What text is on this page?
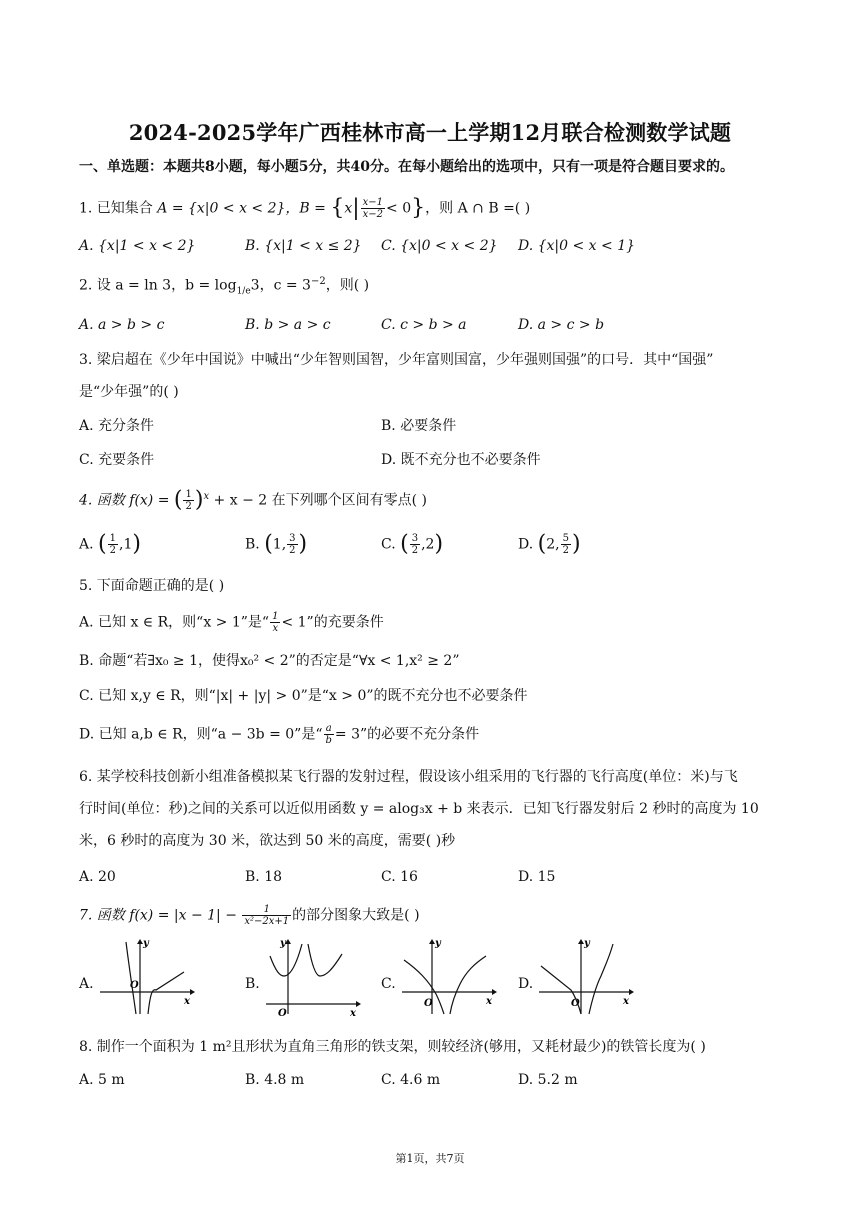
2024-2025学年广西桂林市高一上学期12月联合检测数学试题
一、单选题：本题共8小题，每小题5分，共40分。在每小题给出的选项中，只有一项是符合题目要求的。
1. 已知集合 A = {x|0 < x < 2}，$B = \{x| \frac{x-1}{x-2} < 0\}$，则 A ∩ B =( )
A. {x|1 < x < 2}	B. {x|1 < x ≤ 2} C. {x|0 < x < 2} D. {x|0 < x < 1}
2. 设 a = ln 3，$b = \log_{1/e}3$，$c = 3^{-2}$，则( )
A. a > b > c	B. b > a > c	C. c > b > a	D. a > c > b
3. 梁启超在《少年中国说》中喊出“少年智则国智，少年富则国富，少年强则国强”的口号．其中“国强”
是“少年强”的( )
A. 充分条件	B. 必要条件
C. 充要条件	D. 既不充分也不必要条件
4. 函数 f(x) = ( $\frac{1}{2} )^x + x - 2$ 在下列哪个区间有零点( )
A. ( $\frac{1}{2} ,1$)	B. (1, $\frac{3}{2}$ )	C. ( $\frac{3}{2} ,2$)	D. (2, $\frac{5}{2}$ )
5. 下面命题正确的是( )
A. 已知 x ∈ R，则“x > 1”是“ $\frac{1}{x} < 1$”的充要条件
B. 命题“若∃x₀ ≥ 1，使得x₀² < 2”的否定是“∀x < 1,x² ≥ 2”
C. 已知 x,y ∈ R，则“|x| + |y| > 0”是“x > 0”的既不充分也不必要条件
D. 已知 a,b ∈ R，则“a − 3b = 0”是“ $\frac{a}{b} = 3$”的必要不充分条件
6. 某学校科技创新小组准备模拟某飞行器的发射过程，假设该小组采用的飞行器的飞行高度(单位：米)与飞
行时间(单位：秒)之间的关系可以近似用函数 y = alog₃x + b 来表示．已知飞行器发射后 2 秒时的高度为 10
米，6 秒时的高度为 30 米，欲达到 50 米的高度，需要( )秒
A. 20	B. 18	C. 16	D. 15
7. 函数 $f(x) = |x - 1| - \frac{1}{\text{x²−2x+1}}$ 的部分图象大致是( )
A.	B.	C.	D.
y
x
O
y
x
O
y
x
O
y
x
O
8. 制作一个面积为 1 m²且形状为直角三角形的铁支架，则较经济(够用，又耗材最少)的铁管长度为( )
A. 5 m	B. 4.8 m	C. 4.6 m	D. 5.2 m
第1页，共7页
